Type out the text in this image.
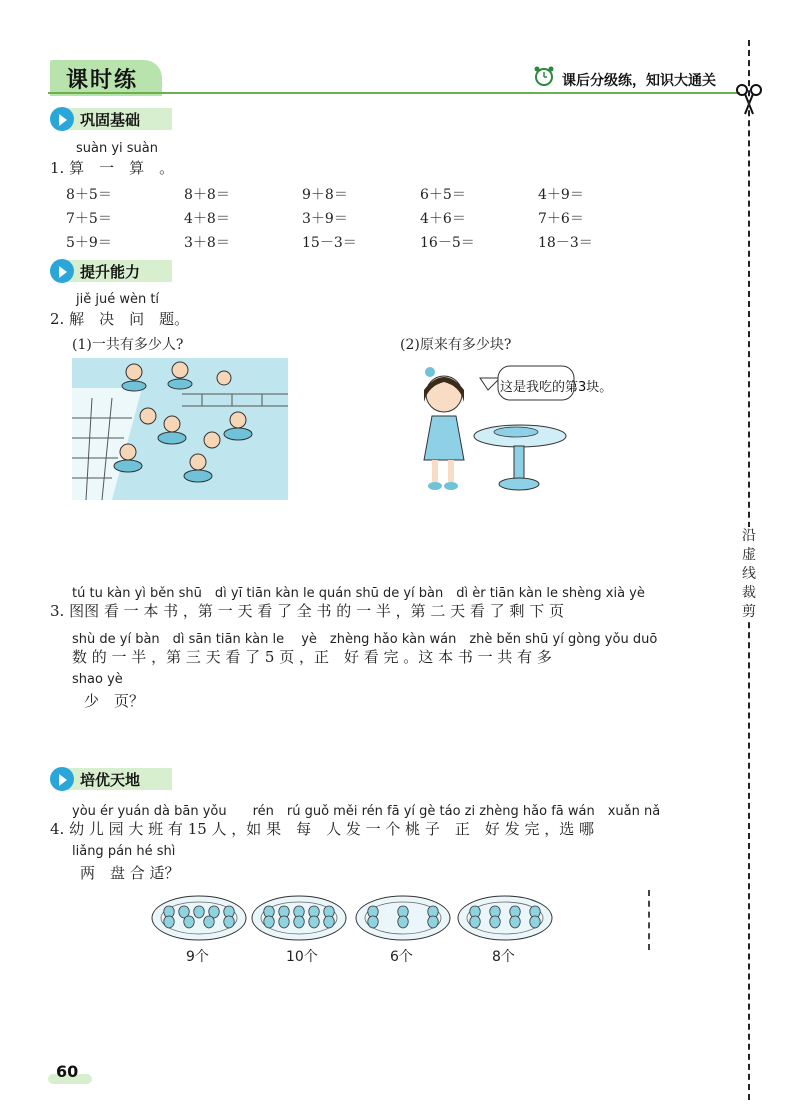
课时练	课后分级练，知识大通关
沿虚线裁剪
巩固基础
suàn yi suàn
1. 算　一　算　。
8＋5＝	8＋8＝	9＋8＝	6＋5＝	4＋9＝
7＋5＝	4＋8＝	3＋9＝	4＋6＝	7＋6＝
5＋9＝	3＋8＝	15－3＝	16－5＝	18－3＝
提升能力
jiě jué wèn tí
2. 解　决　问　题。
(1)一共有多少人?	(2)原来有多少块?
这是我吃的第3块。
tú tu kàn yì běn shū　dì yī tiān kàn le quán shū de yí bàn　dì èr tiān kàn le shèng xià yè
3. 图图 看 一 本 书 ，第 一 天 看 了 全 书 的 一 半 ，第 二 天 看 了 剩 下 页
shù de yí bàn　dì sān tiān kàn le　 yè　zhèng hǎo kàn wán　zhè běn shū yí gòng yǒu duō
数 的 一 半 ，第 三 天 看 了 5 页 ，正　好 看 完 。这 本 书 一 共 有 多
shao yè
少　页？
培优天地
yòu ér yuán dà bān yǒu　　rén　rú guǒ měi rén fā yí gè táo zi zhèng hǎo fā wán　xuǎn nǎ
4. 幼 儿 园 大 班 有 15 人 ，如 果　每　人 发 一 个 桃 子　正　好 发 完 ，选 哪
liǎng pán hé shì
两　盘 合 适？
9个	10个	6个	8个
60
